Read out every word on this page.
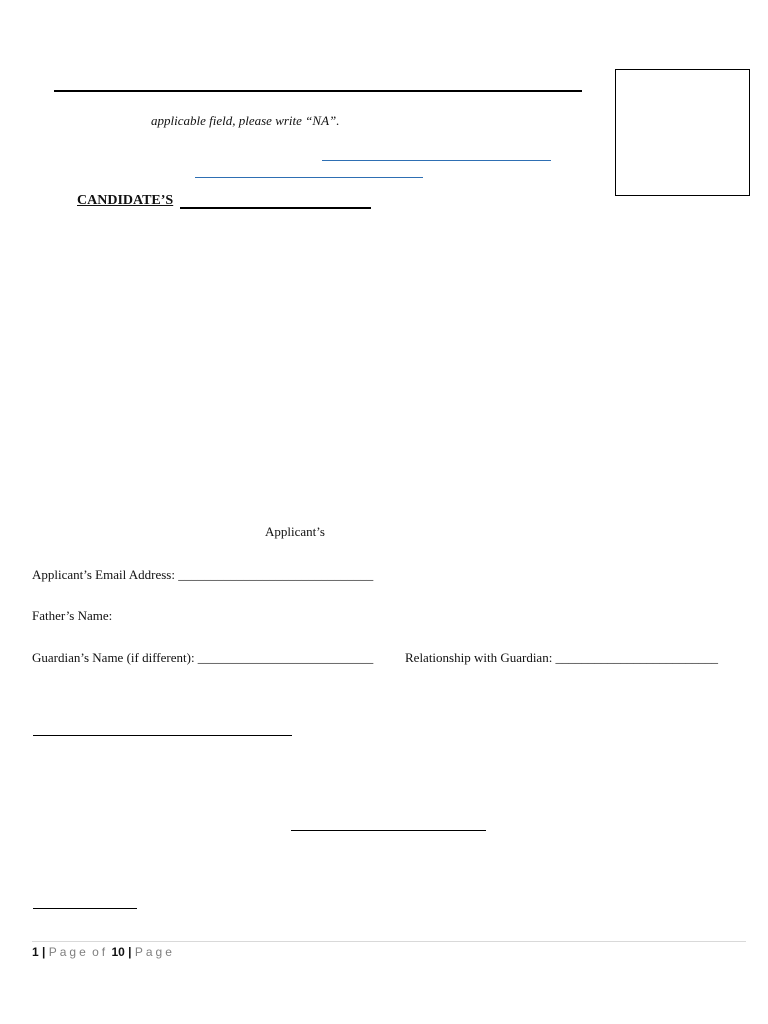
applicable field, please write “NA”.
CANDIDATE’S
Applicant’s
Applicant’s Email Address: ______________________________
Father’s Name:
Guardian’s Name (if different): ___________________________ Relationship with Guardian: _________________________
1 | Page of 10 | Page
